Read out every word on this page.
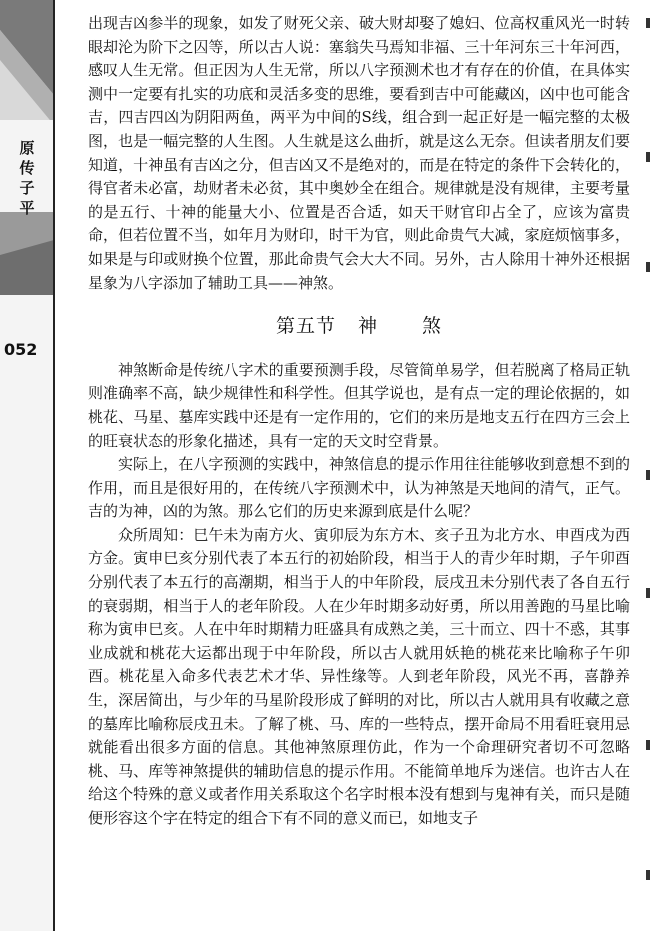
原
传
子
平
052

出现吉凶参半的现象，如发了财死父亲、破大财却娶了媳妇、位高权重风光一时转眼却沦为阶下之囚等，所以古人说：塞翁失马焉知非福、三十年河东三十年河西，感叹人生无常。但正因为人生无常，所以八字预测术也才有存在的价值，在具体实测中一定要有扎实的功底和灵活多变的思维，要看到吉中可能藏凶，凶中也可能含吉，四吉四凶为阴阳两鱼，两平为中间的S线，组合到一起正好是一幅完整的太极图，也是一幅完整的人生图。人生就是这么曲折，就是这么无奈。但读者朋友们要知道，十神虽有吉凶之分，但吉凶又不是绝对的，而是在特定的条件下会转化的，得官者未必富，劫财者未必贫，其中奥妙全在组合。规律就是没有规律，主要考量的是五行、十神的能量大小、位置是否合适，如天干财官印占全了，应该为富贵命，但若位置不当，如年月为财印，时干为官，则此命贵气大减，家庭烦恼事多，如果是与印或财换个位置，那此命贵气会大大不同。另外，古人除用十神外还根据星象为八字添加了辅助工具——神煞。

第五节 神 煞

神煞断命是传统八字术的重要预测手段，尽管简单易学，但若脱离了格局正轨则准确率不高，缺少规律性和科学性。但其学说也，是有点一定的理论依据的，如桃花、马星、墓库实践中还是有一定作用的，它们的来历是地支五行在四方三会上的旺衰状态的形象化描述，具有一定的天文时空背景。

实际上，在八字预测的实践中，神煞信息的提示作用往往能够收到意想不到的作用，而且是很好用的，在传统八字预测术中，认为神煞是天地间的清气，正气。吉的为神，凶的为煞。那么它们的历史来源到底是什么呢？

众所周知：巳午未为南方火、寅卯辰为东方木、亥子丑为北方水、申酉戌为西方金。寅申巳亥分别代表了本五行的初始阶段，相当于人的青少年时期，子午卯酉分别代表了本五行的高潮期，相当于人的中年阶段，辰戌丑未分别代表了各自五行的衰弱期，相当于人的老年阶段。人在少年时期多动好勇，所以用善跑的马星比喻称为寅申巳亥。人在中年时期精力旺盛具有成熟之美，三十而立、四十不惑，其事业成就和桃花大运都出现于中年阶段，所以古人就用妖艳的桃花来比喻称子午卯酉。桃花星入命多代表艺术才华、异性缘等。人到老年阶段，风光不再，喜静养生，深居简出，与少年的马星阶段形成了鲜明的对比，所以古人就用具有收藏之意的墓库比喻称辰戌丑未。了解了桃、马、库的一些特点，摆开命局不用看旺衰用忌就能看出很多方面的信息。其他神煞原理仿此，作为一个命理研究者切不可忽略桃、马、库等神煞提供的辅助信息的提示作用。不能简单地斥为迷信。也许古人在给这个特殊的意义或者作用关系取这个名字时根本没有想到与鬼神有关，而只是随便形容这个字在特定的组合下有不同的意义而已，如地支子
